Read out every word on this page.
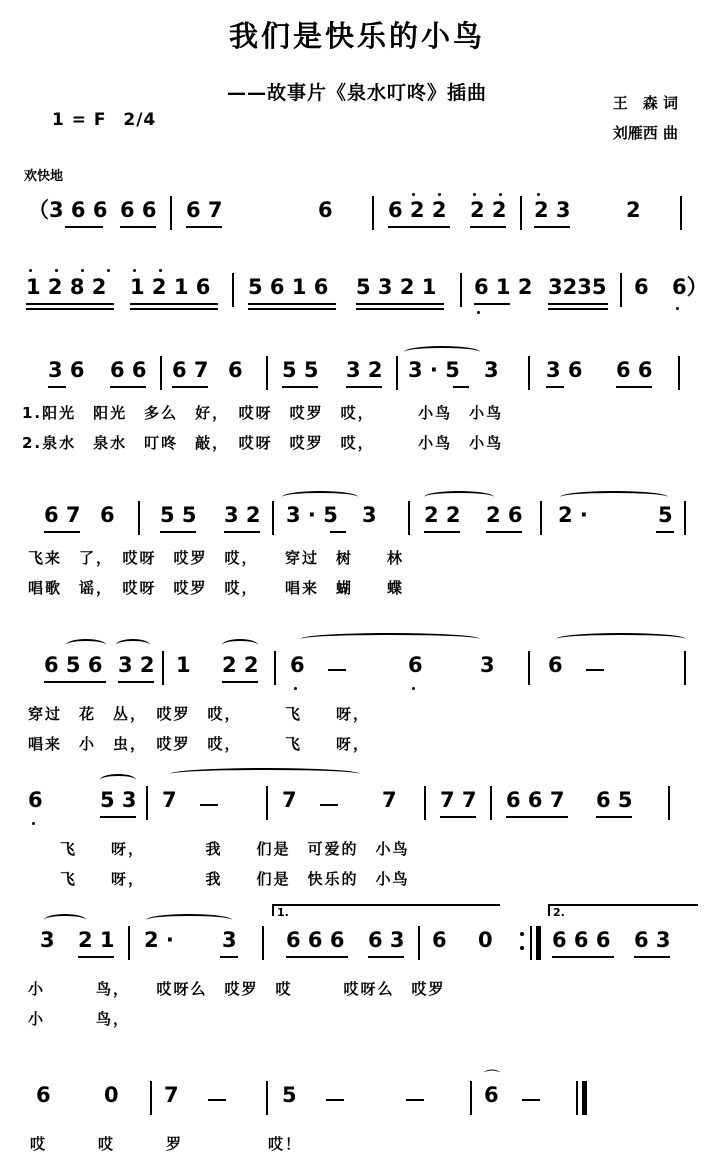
我们是快乐的小鸟
——故事片《泉水叮咚》插曲	王　森 词
刘雁西 曲
1 = F  2/4
欢快地
（3 6 6 6 6 6 7	6	6 2 2 2 2 2 3	2
1 2 8 2 1 2 1 6 5 6 1 6 5 3 2 1 6 1 2 3235 6 6）
3 6 6 6 6 7 6 5 5 3 2 3 · 5 3 3 6 6 6
1.阳光　阳光　多么　好，　哎呀　哎罗　哎，　　　小鸟　小鸟
2.泉水　泉水　叮咚　敲，　哎呀　哎罗　哎，　　　小鸟　小鸟
6 7 6 5 5 3 2 3 · 5 3 2 2 2 6 2 ·	5
飞来　了，　哎呀　哎罗　哎，　　穿过　树　　林
唱歌　谣，　哎呀　哎罗　哎，　　唱来　蝴　　蝶
6 5 6 3 2 1 2 2 6	6	3	6
穿过　花　丛，　哎罗　哎，　　　飞　　呀，
唱来　小　虫，　哎罗　哎，　　　飞　　呀，
6	5 3 7	7	7 7 7 6 6 7 6 5
飞　　呀，　　　　我　　们是　可爱的　小鸟
飞　　呀，　　　　我　　们是　快乐的　小鸟
3 2 1 2 · 3
1.
6 6 6 6 3 6 0
2.
6 6 6 6 3
小　　　鸟，　　哎呀么　哎罗　哎　　　哎呀么　哎罗
小　　　鸟，
6	0 7	5
⌒
6
哎　　　哎　　　罗　　　　　哎！
